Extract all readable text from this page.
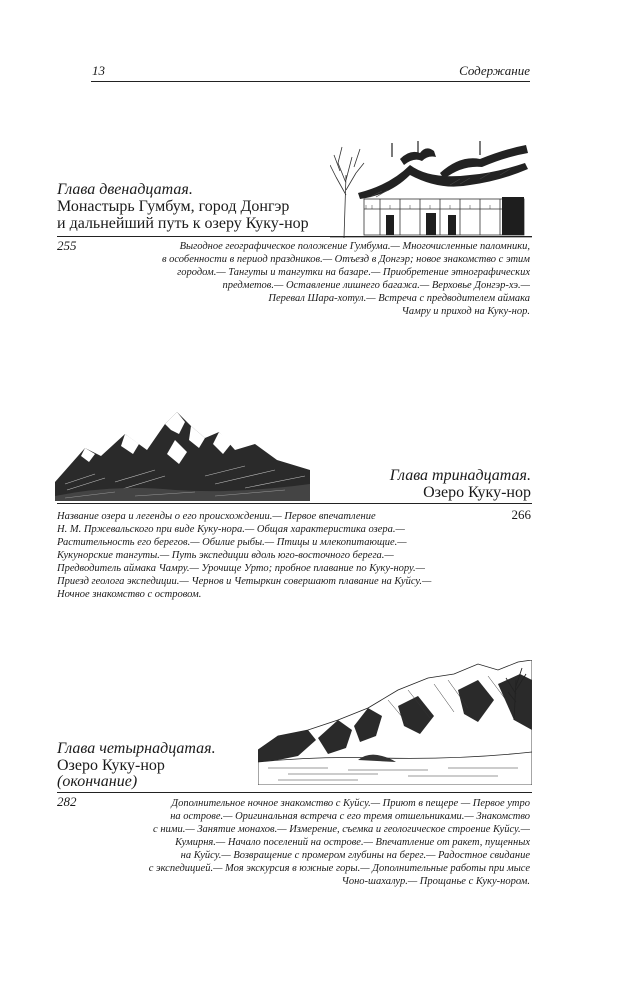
13	Содержание
Глава двенадцатая.
Монастырь Гумбум, город Донгэр
и дальнейший путь к озеру Куку-нор
255	Выгодное географическое положение Гумбума.— Многочисленные паломники,
в особенности в период праздников.— Отъезд в Донгэр; новое знакомство с этим
городом.— Тангуты и тангутки на базаре.— Приобретение этнографических
предметов.— Оставление лишнего багажа.— Верховье Донгэр-хэ.—
Перевал Шара-хотул.— Встреча с предводителем аймака
Чамру и приход на Куку-нор.
Глава тринадцатая.
Озеро Куку-нор
266
Название озера и легенды о его происхождении.— Первое впечатление
Н. М. Пржевальского при виде Куку-нора.— Общая характеристика озера.—
Растительность его берегов.— Обилие рыбы.— Птицы и млекопитающие.—
Кукунорские тангуты.— Путь экспедиции вдоль юго-восточного берега.—
Предводитель аймака Чамру.— Урочище Урто; пробное плавание по Куку-нору.—
Приезд геолога экспедиции.— Чернов и Четыркин совершают плавание на Куйсу.—
Ночное знакомство с островом.
Глава четырнадцатая.
Озеро Куку-нор
(окончание)
282	Дополнительное ночное знакомство с Куйсу.— Приют в пещере — Первое утро
на острове.— Оригинальная встреча с его тремя отшельниками.— Знакомство
с ними.— Занятие монахов.— Измерение, съемка и геологическое строение Куйсу.—
Кумирня.— Начало поселений на острове.— Впечатление от ракет, пущенных
на Куйсу.— Возвращение с промером глубины на берег.— Радостное свидание
с экспедицией.— Моя экскурсия в южные горы.— Дополнительные работы при мысе
Чоно-шахалур.— Прощанье с Куку-нором.
